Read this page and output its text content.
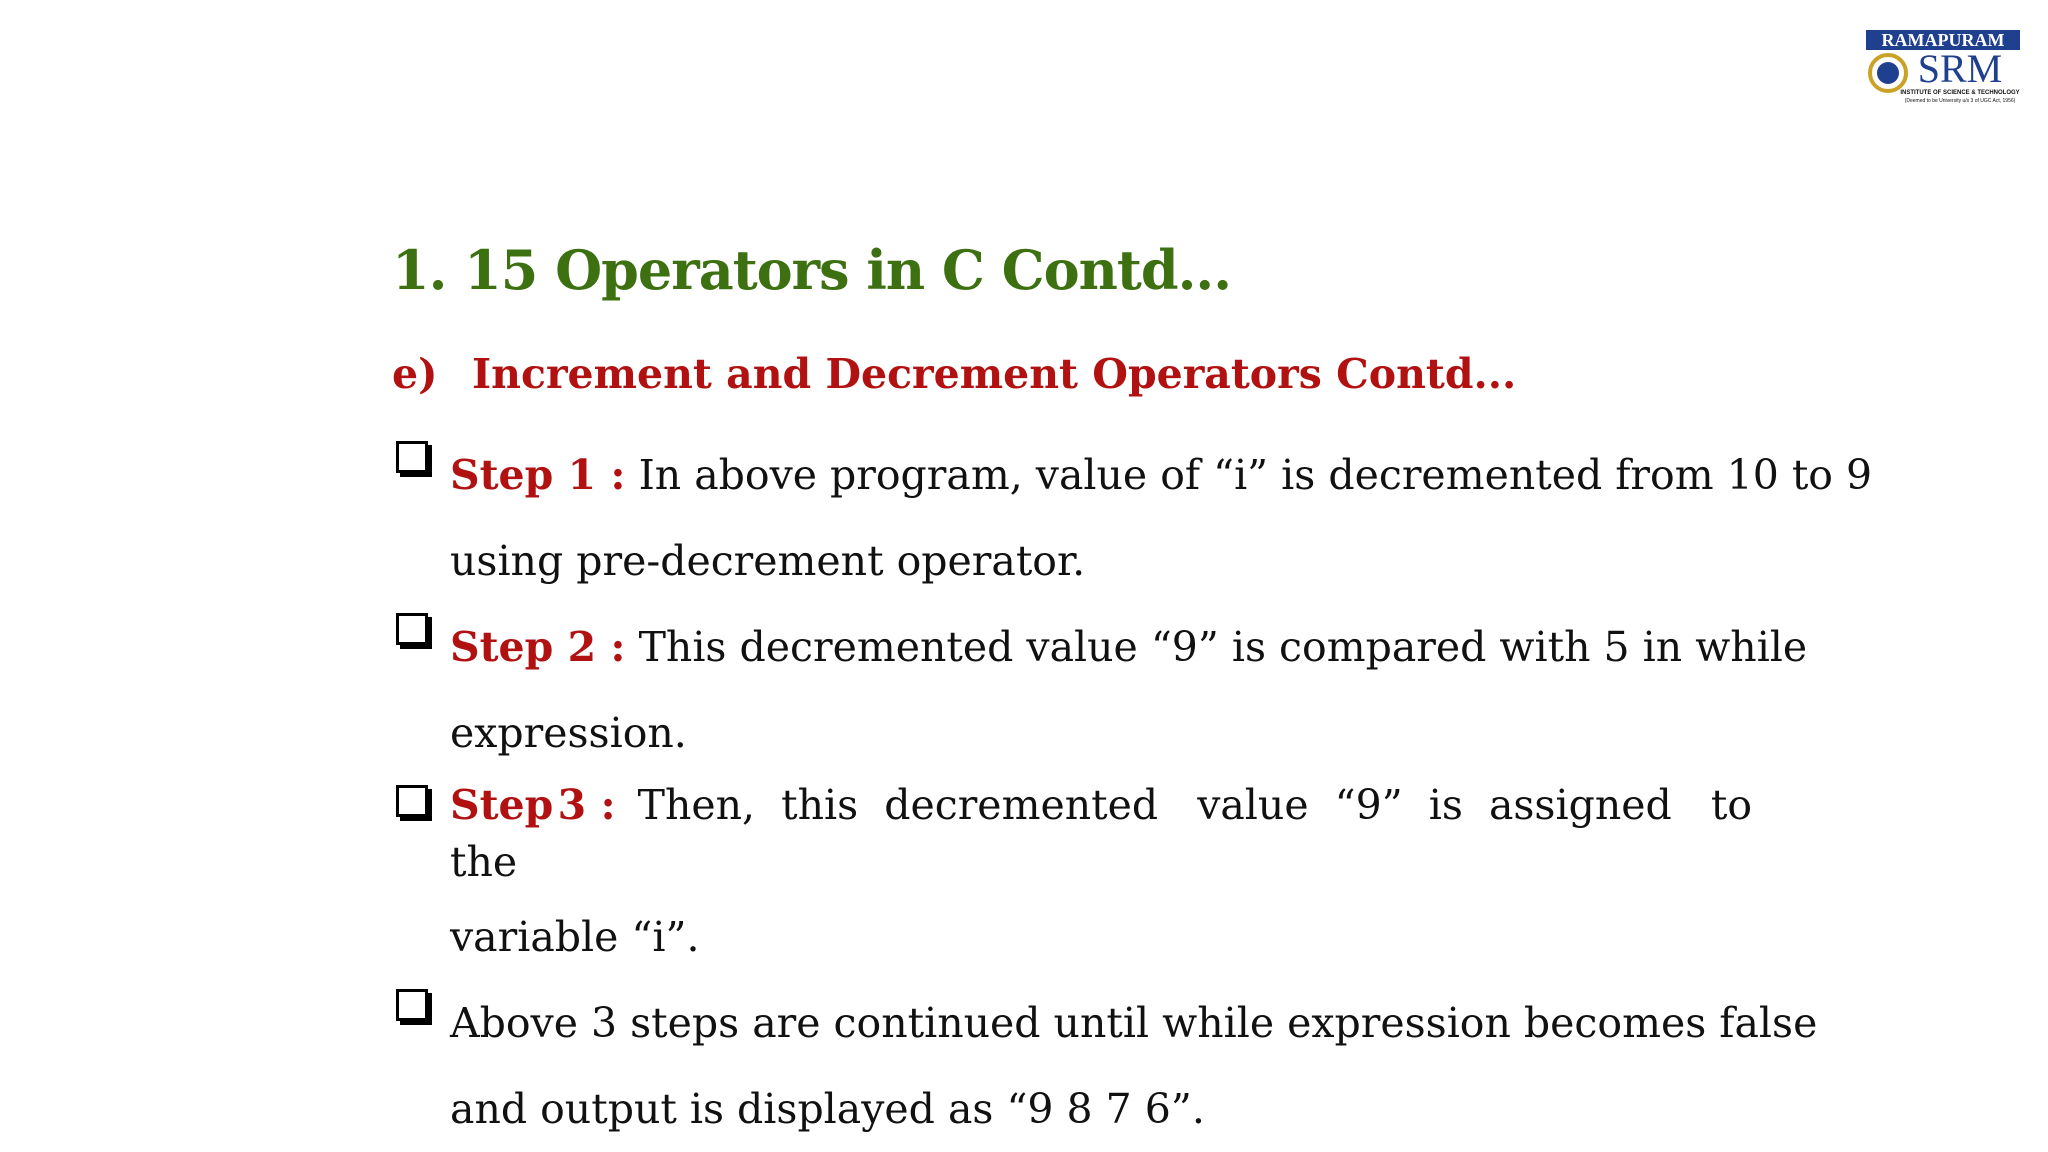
RAMAPURAM
SRM
INSTITUTE OF SCIENCE & TECHNOLOGY
(Deemed to be University u/s 3 of UGC Act, 1956)
1. 15 Operators in C Contd...
e) Increment and Decrement Operators Contd...
Step 1 : In above program, value of “i” is decremented from 10 to 9
using pre-decrement operator.
Step 2 : This decremented value “9” is compared with 5 in while
expression.
Step 3 : Then,  this  decremented   value  “9”  is  assigned   to
the
variable “i”.
Above 3 steps are continued until while expression becomes false
and output is displayed as “9 8 7 6”.
